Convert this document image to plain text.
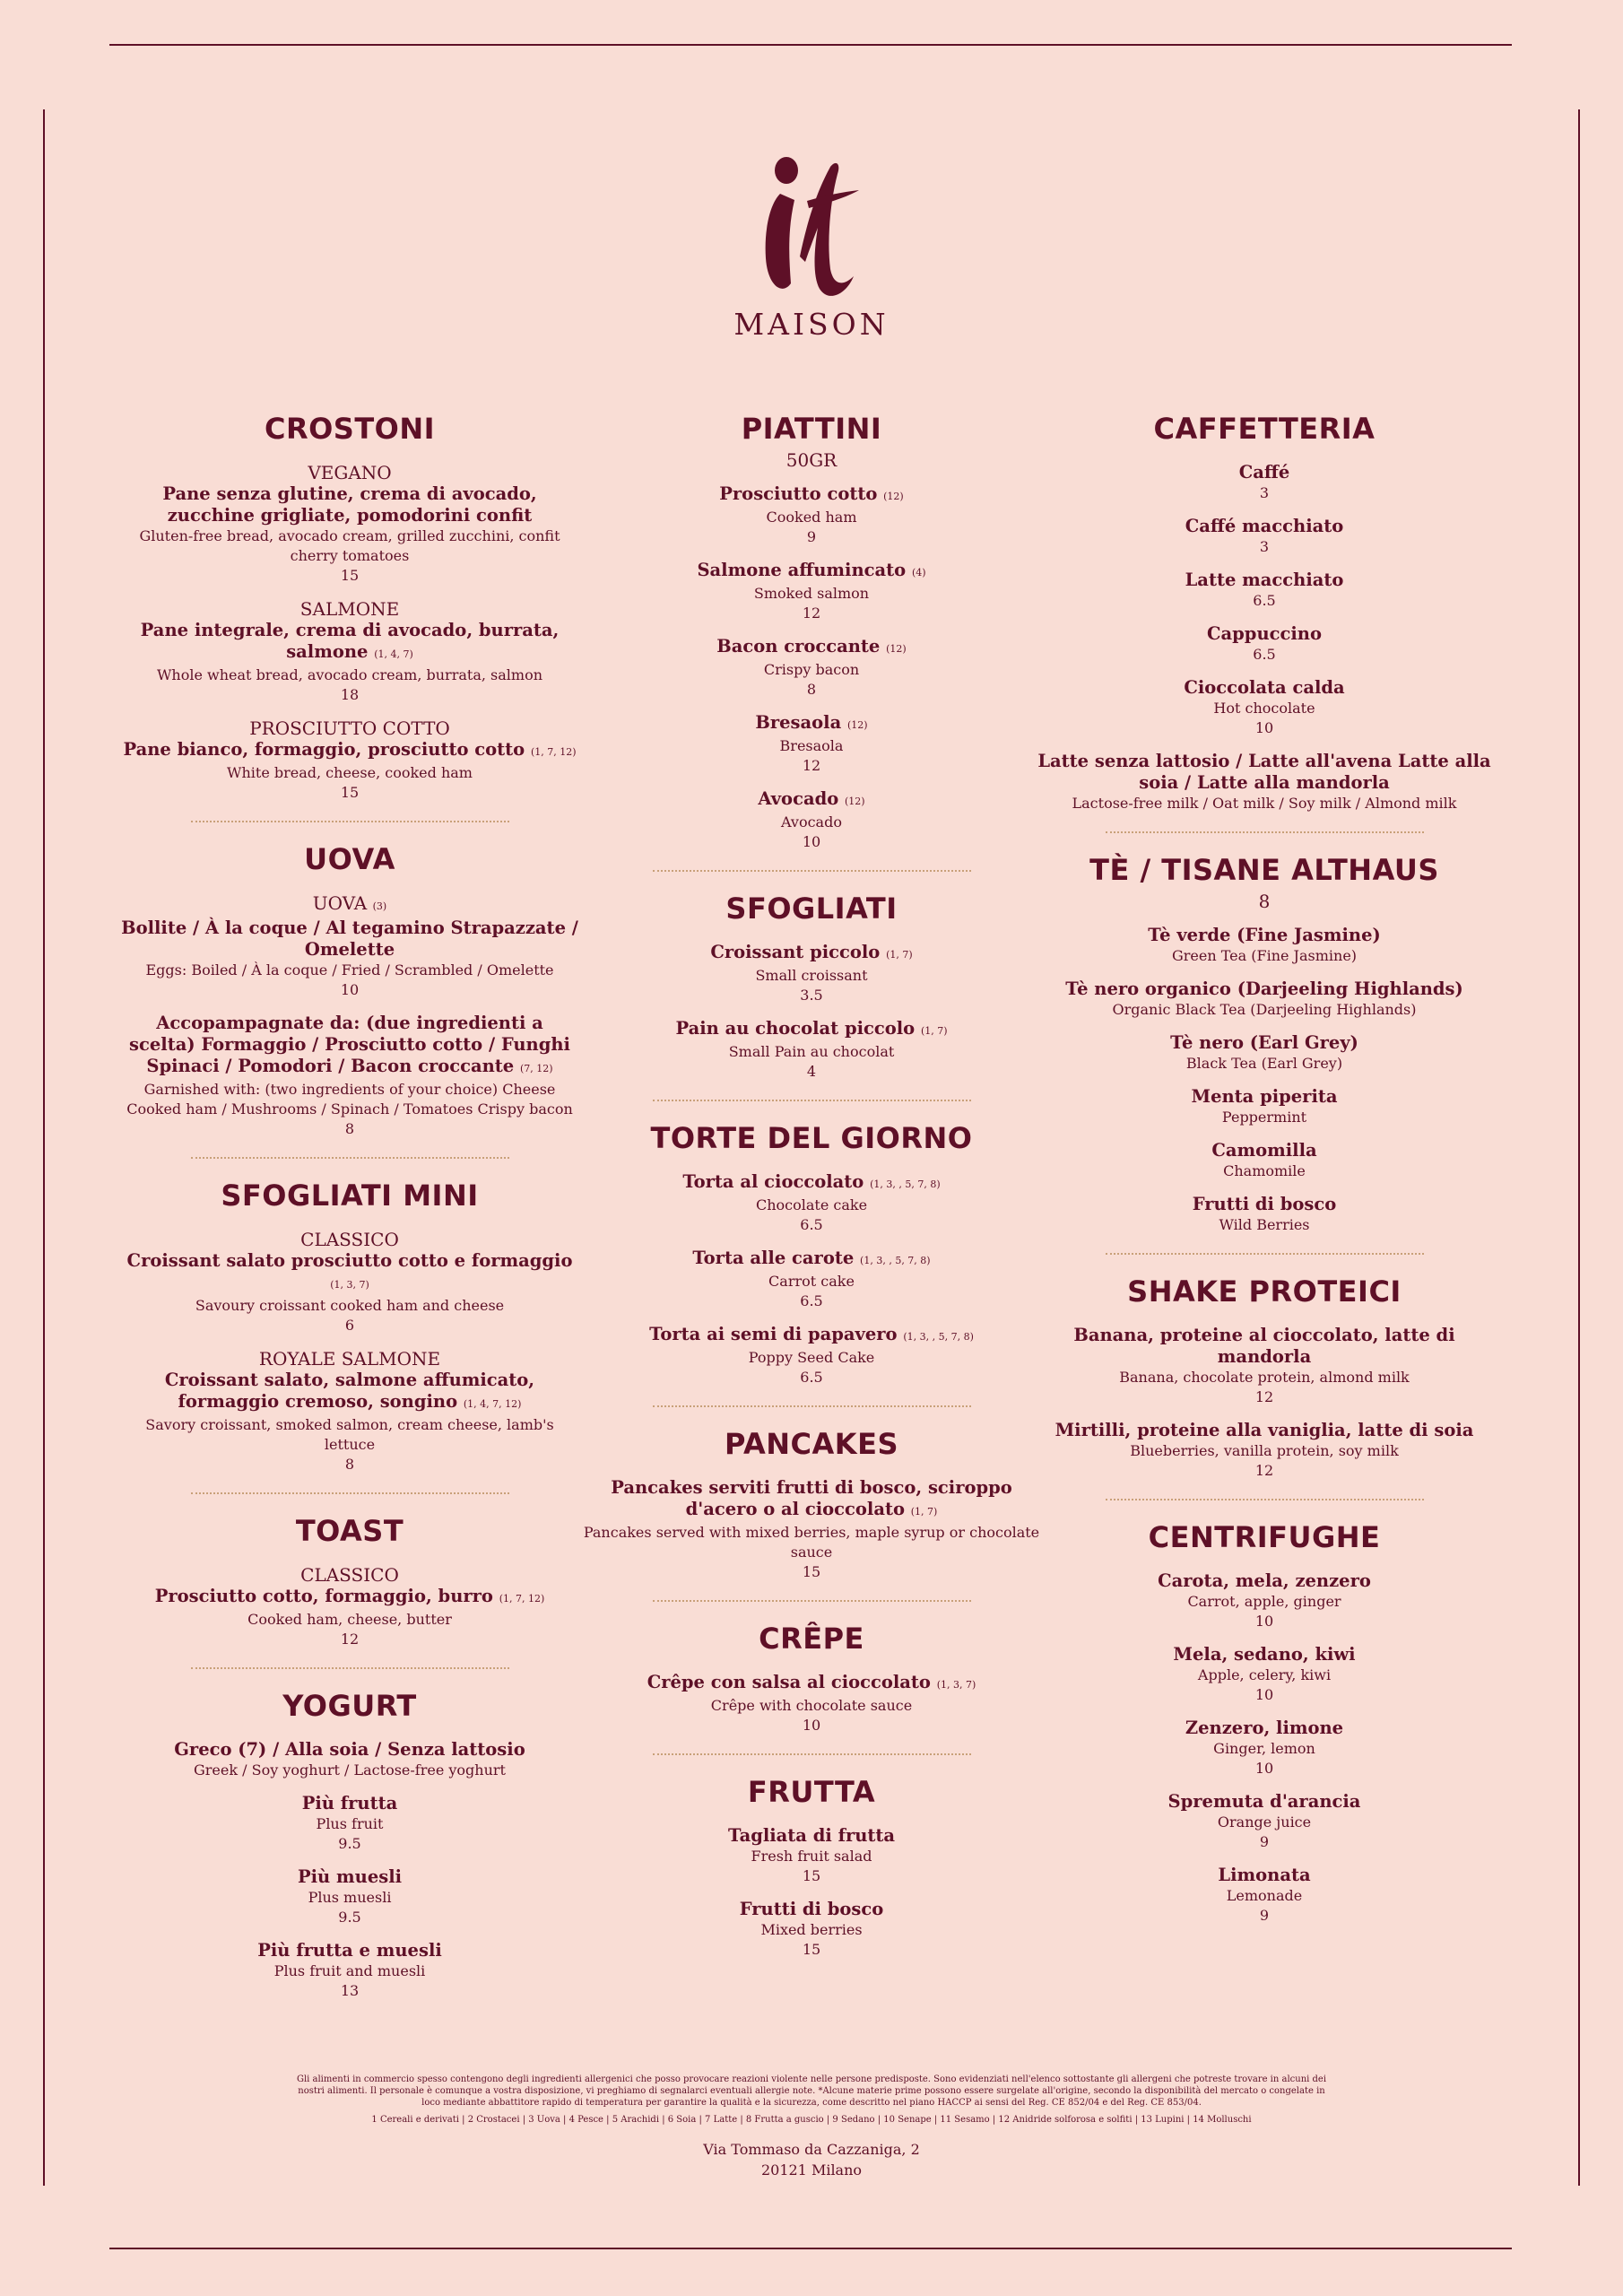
MAISON
CROSTONI
VEGANO
Pane senza glutine, crema di avocado, zucchine grigliate, pomodorini confit
Gluten-free bread, avocado cream, grilled zucchini, confit cherry tomatoes
15
SALMONE
Pane integrale, crema di avocado, burrata, salmone (1, 4, 7)
Whole wheat bread, avocado cream, burrata, salmon
18
PROSCIUTTO COTTO
Pane bianco, formaggio, prosciutto cotto (1, 7, 12)
White bread, cheese, cooked ham
15
UOVA
UOVA (3)
Bollite / À la coque / Al tegamino Strapazzate / Omelette
Eggs: Boiled / À la coque / Fried / Scrambled / Omelette
10
Accopampagnate da: (due ingredienti a scelta) Formaggio / Prosciutto cotto / Funghi Spinaci / Pomodori / Bacon croccante (7, 12)
Garnished with: (two ingredients of your choice) Cheese Cooked ham / Mushrooms / Spinach / Tomatoes Crispy bacon
8
SFOGLIATI MINI
CLASSICO
Croissant salato prosciutto cotto e formaggio (1, 3, 7)
Savoury croissant cooked ham and cheese
6
ROYALE SALMONE
Croissant salato, salmone affumicato, formaggio cremoso, songino (1, 4, 7, 12)
Savory croissant, smoked salmon, cream cheese, lamb's lettuce
8
TOAST
CLASSICO
Prosciutto cotto, formaggio, burro (1, 7, 12)
Cooked ham, cheese, butter
12
YOGURT
Greco (7) / Alla soia / Senza lattosio
Greek / Soy yoghurt / Lactose-free yoghurt
Più frutta
Plus fruit
9.5
Più muesli
Plus muesli
9.5
Più frutta e muesli
Plus fruit and muesli
13
PIATTINI
50GR
Prosciutto cotto (12)
Cooked ham
9
Salmone affumincato (4)
Smoked salmon
12
Bacon croccante (12)
Crispy bacon
8
Bresaola (12)
Bresaola
12
Avocado (12)
Avocado
10
SFOGLIATI
Croissant piccolo (1, 7)
Small croissant
3.5
Pain au chocolat piccolo (1, 7)
Small Pain au chocolat
4
TORTE DEL GIORNO
Torta al cioccolato (1, 3, , 5, 7, 8)
Chocolate cake
6.5
Torta alle carote (1, 3, , 5, 7, 8)
Carrot cake
6.5
Torta ai semi di papavero (1, 3, , 5, 7, 8)
Poppy Seed Cake
6.5
PANCAKES
Pancakes serviti frutti di bosco, sciroppo d'acero o al cioccolato (1, 7)
Pancakes served with mixed berries, maple syrup or chocolate sauce
15
CRÊPE
Crêpe con salsa al cioccolato (1, 3, 7)
Crêpe with chocolate sauce
10
FRUTTA
Tagliata di frutta
Fresh fruit salad
15
Frutti di bosco
Mixed berries
15
CAFFETTERIA
Caffé
3
Caffé macchiato
3
Latte macchiato
6.5
Cappuccino
6.5
Cioccolata calda
Hot chocolate
10
Latte senza lattosio / Latte all'avena Latte alla soia / Latte alla mandorla
Lactose-free milk / Oat milk / Soy milk / Almond milk
TÈ / TISANE ALTHAUS
8
Tè verde (Fine Jasmine)
Green Tea (Fine Jasmine)
Tè nero organico (Darjeeling Highlands)
Organic Black Tea (Darjeeling Highlands)
Tè nero (Earl Grey)
Black Tea (Earl Grey)
Menta piperita
Peppermint
Camomilla
Chamomile
Frutti di bosco
Wild Berries
SHAKE PROTEICI
Banana, proteine al cioccolato, latte di mandorla
Banana, chocolate protein, almond milk
12
Mirtilli, proteine alla vaniglia, latte di soia
Blueberries, vanilla protein, soy milk
12
CENTRIFUGHE
Carota, mela, zenzero
Carrot, apple, ginger
10
Mela, sedano, kiwi
Apple, celery, kiwi
10
Zenzero, limone
Ginger, lemon
10
Spremuta d'arancia
Orange juice
9
Limonata
Lemonade
9
Gli alimenti in commercio spesso contengono degli ingredienti allergenici che posso provocare reazioni violente nelle persone predisposte. Sono evidenziati nell'elenco sottostante gli allergeni che potreste trovare in alcuni dei nostri alimenti. Il personale è comunque a vostra disposizione, vi preghiamo di segnalarci eventuali allergie note. *Alcune materie prime possono essere surgelate all'origine, secondo la disponibilità del mercato o congelate in loco mediante abbattitore rapido di temperatura per garantire la qualità e la sicurezza, come descritto nel piano HACCP ai sensi del Reg. CE 852/04 e del Reg. CE 853/04.
1 Cereali e derivati | 2 Crostacei | 3 Uova | 4 Pesce | 5 Arachidi | 6 Soia | 7 Latte | 8 Frutta a guscio | 9 Sedano | 10 Senape | 11 Sesamo | 12 Anidride solforosa e solfiti | 13 Lupini | 14 Molluschi
Via Tommaso da Cazzaniga, 2
20121 Milano
